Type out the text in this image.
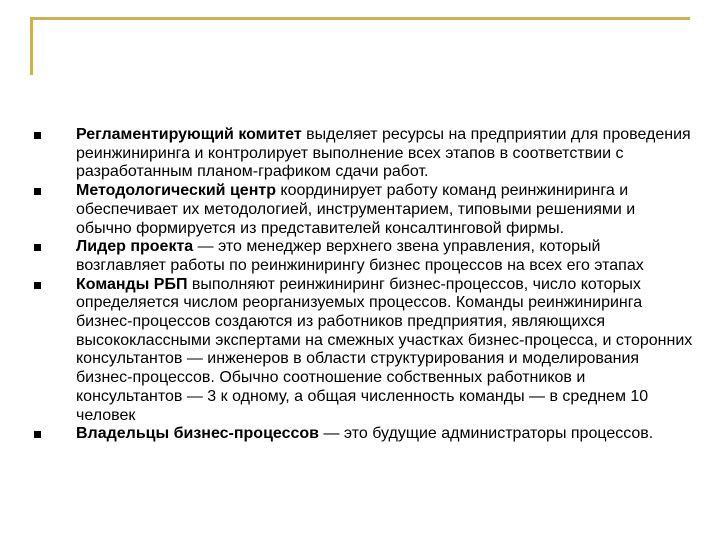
Регламентирующий комитет выделяет ресурсы на предприятии для проведения реинжиниринга и контролирует выполнение всех этапов в соответствии с разработанным планом-графиком сдачи работ.
Методологический центр координирует работу команд реинжиниринга и обеспечивает их методологией, инструментарием, типовыми решениями и обычно формируется из представителей консалтинговой фирмы.
Лидер проекта — это менеджер верхнего звена управления, который возглавляет работы по реинжинирингу бизнес процессов на всех его этапах
Команды РБП выполняют реинжиниринг бизнес-процессов, число которых определяется числом реорганизуемых процессов. Команды реинжиниринга бизнес-процессов создаются из работников предприятия, являющихся высококлассными экспертами на смежных участках бизнес-процесса, и сторонних консультантов — инженеров в области структурирования и моделирования бизнес-процессов. Обычно соотношение собственных работников и консультантов — 3 к одному, а общая численность команды — в среднем 10 человек
Владельцы бизнес-процессов — это будущие администраторы процессов.
